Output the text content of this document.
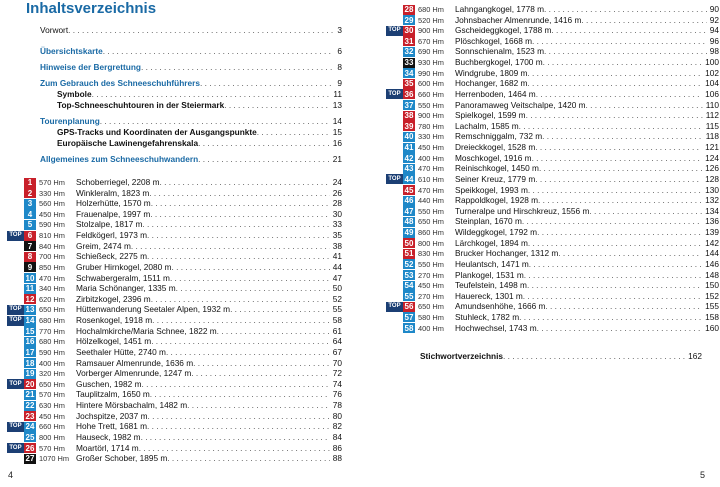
Inhaltsverzeichnis
Vorwort . . .	3
Übersichtskarte . . .	6
Hinweise der Bergrettung . . .	8
Zum Gebrauch des Schneeschuhführers . . .	9
Symbole . . .	11
Top-Schneeschuhtouren in der Steiermark . . .	13
Tourenplanung . . .	14
GPS-Tracks und Koordinaten der Ausgangspunkte . . .	15
Europäische Lawinengefahrenskala . . .	16
Allgemeines zum Schneeschuhwandern . . .	21
1 570 Hm	Schoberriegel, 2208 m . . .	24
2 330 Hm	Winkleralm, 1823 m . . .	26
3 560 Hm	Holzerhütte, 1570 m . . .	28
4 450 Hm	Frauenalpe, 1997 m . . .	30
5 590 Hm	Stolzalpe, 1817 m . . .	33
TOP 6 810 Hm	Feldkögerl, 1973 m . . .	35
7 840 Hm	Greim, 2474 m . . .	38
8 700 Hm	Schießeck, 2275 m . . .	41
9 850 Hm	Gruber Hirnkogel, 2080 m . . .	44
10 470 Hm	Schwabergeralm, 1511 m . . .	47
11 340 Hm	Maria Schönanger, 1335 m . . .	50
12 620 Hm	Zirbitzkogel, 2396 m . . .	52
TOP 13 650 Hm	Hüttenwanderung Seetaler Alpen, 1932 m . . .	55
TOP 14 680 Hm	Rosenkogel, 1918 m . . .	58
15 770 Hm	Hochalmkirche/Maria Schnee, 1822 m . . .	61
16 680 Hm	Hölzelkogel, 1451 m . . .	64
17 590 Hm	Seethaler Hütte, 2740 m . . .	67
18 400 Hm	Ramsauer Almenrunde, 1636 m . . .	70
19 320 Hm	Vorberger Almenrunde, 1247 m . . .	72
TOP 20 650 Hm	Guschen, 1982 m . . .	74
21 570 Hm	Tauplitzalm, 1650 m . . .	76
22 630 Hm	Hintere Mörsbachalm, 1482 m . . .	78
23 450 Hm	Jochspitze, 2037 m . . .	80
TOP 24 660 Hm	Hohe Trett, 1681 m . . .	82
25 800 Hm	Hauseck, 1982 m . . .	84
TOP 26 570 Hm	Moartörl, 1714 m . . .	86
27 1070 Hm Großer Schober, 1895 m . . .	88
4
28 680 Hm	Lahngangkogel, 1778 m . . .	90
29 520 Hm	Johnsbacher Almenrunde, 1416 m . . .	92
TOP 30 900 Hm	Gscheideggkogel, 1788 m . . .	94
31 670 Hm	Plöschkogel, 1668 m . . .	96
32 690 Hm	Sonnschienalm, 1523 m . . .	98
33 930 Hm	Buchbergkogel, 1700 m . . .	100
34 990 Hm	Windgrube, 1809 m . . .	102
35 600 Hm	Hochanger, 1682 m . . .	104
TOP 36 660 Hm	Herrenboden, 1464 m . . .	106
37 550 Hm	Panoramaweg Veitschalpe, 1420 m . . .	110
38 900 Hm	Spielkogel, 1599 m . . .	112
39 780 Hm	Lachalm, 1585 m . . .	115
40 330 Hm	Remschniggalm, 732 m . . .	118
41 450 Hm	Dreieckkogel, 1528 m . . .	121
42 400 Hm	Moschkogel, 1916 m . . .	124
43 470 Hm	Reinischkogel, 1450 m . . .	126
TOP 44 610 Hm	Seiner Kreuz, 1779 m . . .	128
45 470 Hm	Speikkogel, 1993 m . . .	130
46 440 Hm	Rappoldkogel, 1928 m . . .	132
47 550 Hm	Turneralpe und Hirschkreuz, 1556 m . . .	134
48 650 Hm	Steinplan, 1670 m . . .	136
49 860 Hm	Wildeggkogel, 1792 m . . .	139
50 800 Hm	Lärchkogel, 1894 m . . .	142
51 830 Hm	Brucker Hochanger, 1312 m . . .	144
52 550 Hm	Heulantsch, 1471 m . . .	146
53 270 Hm	Plankogel, 1531 m . . .	148
54 450 Hm	Teufelstein, 1498 m . . .	150
55 270 Hm	Hauereck, 1301 m . . .	152
TOP 56 650 Hm	Amundsenhöhe, 1666 m . . .	155
57 580 Hm	Stuhleck, 1782 m . . .	158
58 400 Hm	Hochwechsel, 1743 m . . .	160
Stichwortverzeichnis . . .	162
5
